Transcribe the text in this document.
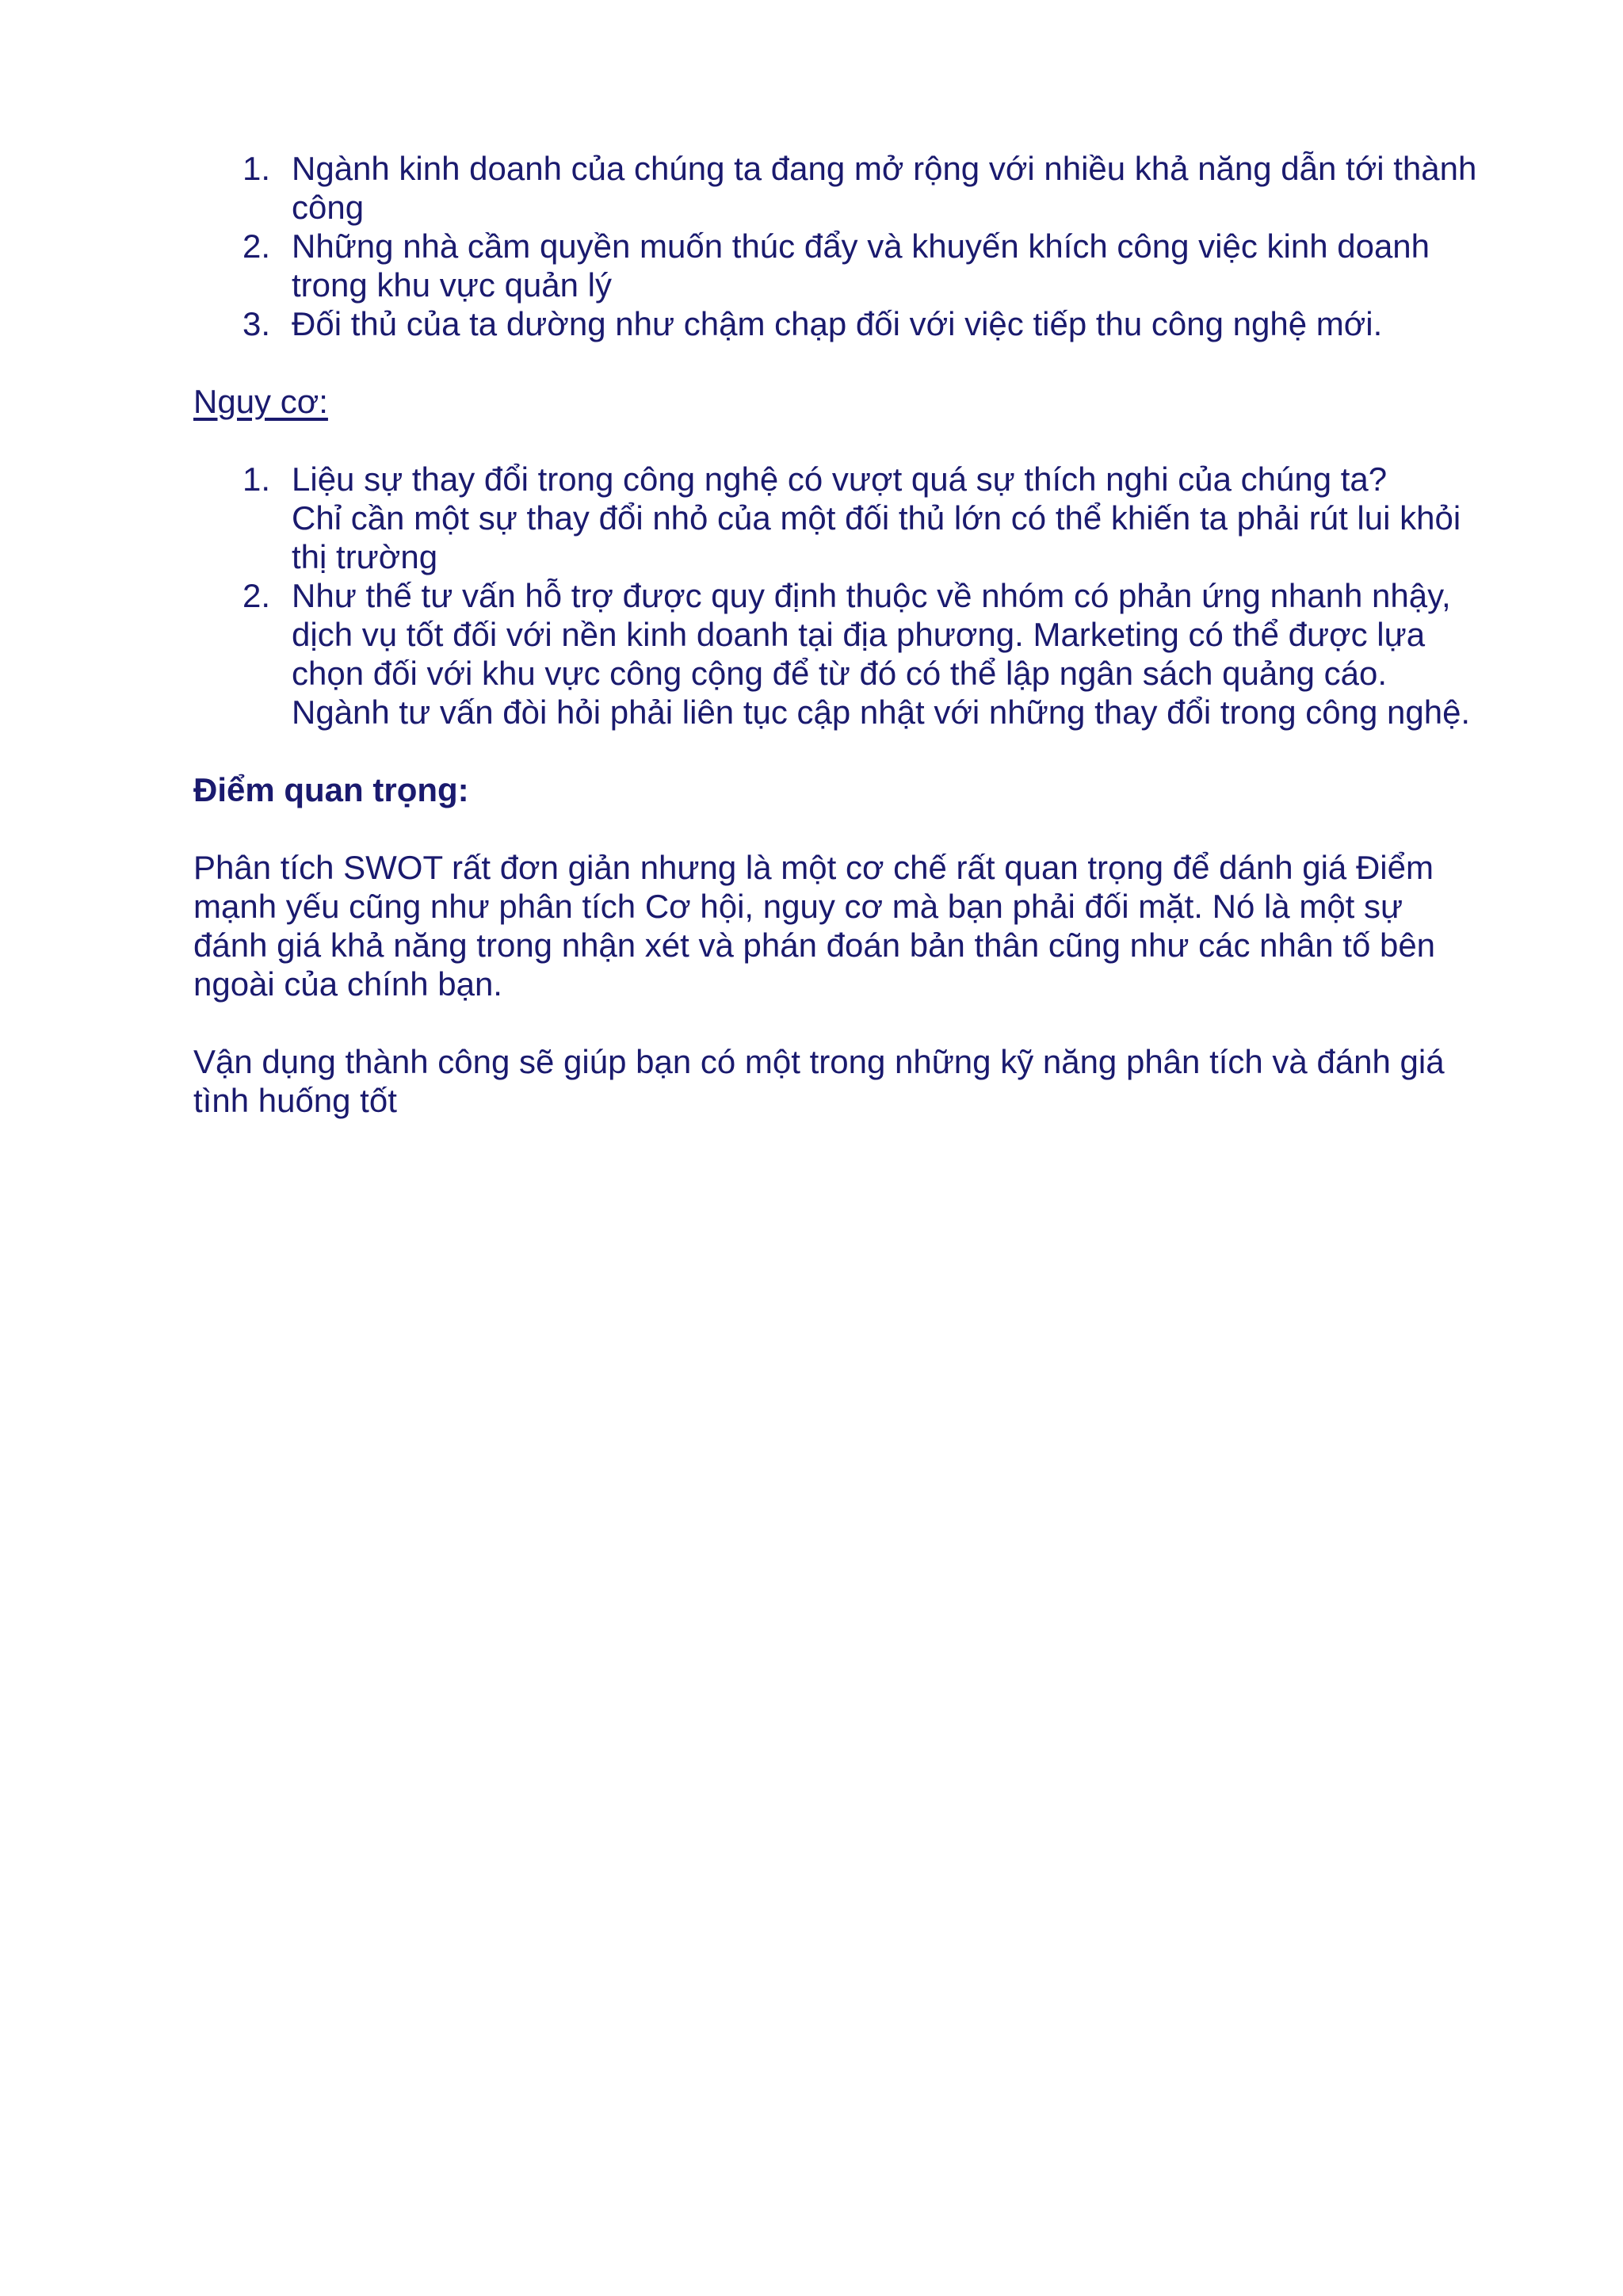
1. Ngành kinh doanh của chúng ta đang mở rộng với nhiều khả năng dẫn tới thành
công
2. Những nhà cầm quyền muốn thúc đẩy và khuyến khích công việc kinh doanh
trong khu vực quản lý
3. Đối thủ của ta dường như chậm chạp đối với việc tiếp thu công nghệ mới.
Nguy cơ:
1. Liệu sự thay đổi trong công nghệ có vượt quá sự thích nghi của chúng ta?
Chỉ cần một sự thay đổi nhỏ của một đối thủ lớn có thể khiến ta phải rút lui khỏi
thị trường
2. Như thế tư vấn hỗ trợ được quy định thuộc về nhóm có phản ứng nhanh nhậy,
dịch vụ tốt đối với nền kinh doanh tại địa phương. Marketing có thể được lựa
chọn đối với khu vực công cộng để từ đó có thể lập ngân sách quảng cáo.
Ngành tư vấn đòi hỏi phải liên tục cập nhật với những thay đổi trong công nghệ.
Điểm quan trọng:

Phân tích SWOT rất đơn giản nhưng là một cơ chế rất quan trọng để dánh giá Điểm
mạnh yếu cũng như phân tích Cơ hội, nguy cơ mà bạn phải đối mặt. Nó là một sự
đánh giá khả năng trong nhận xét và phán đoán bản thân cũng như các nhân tố bên
ngoài của chính bạn.

Vận dụng thành công sẽ giúp bạn có một trong những kỹ năng phân tích và đánh giá
tình huống tốt
